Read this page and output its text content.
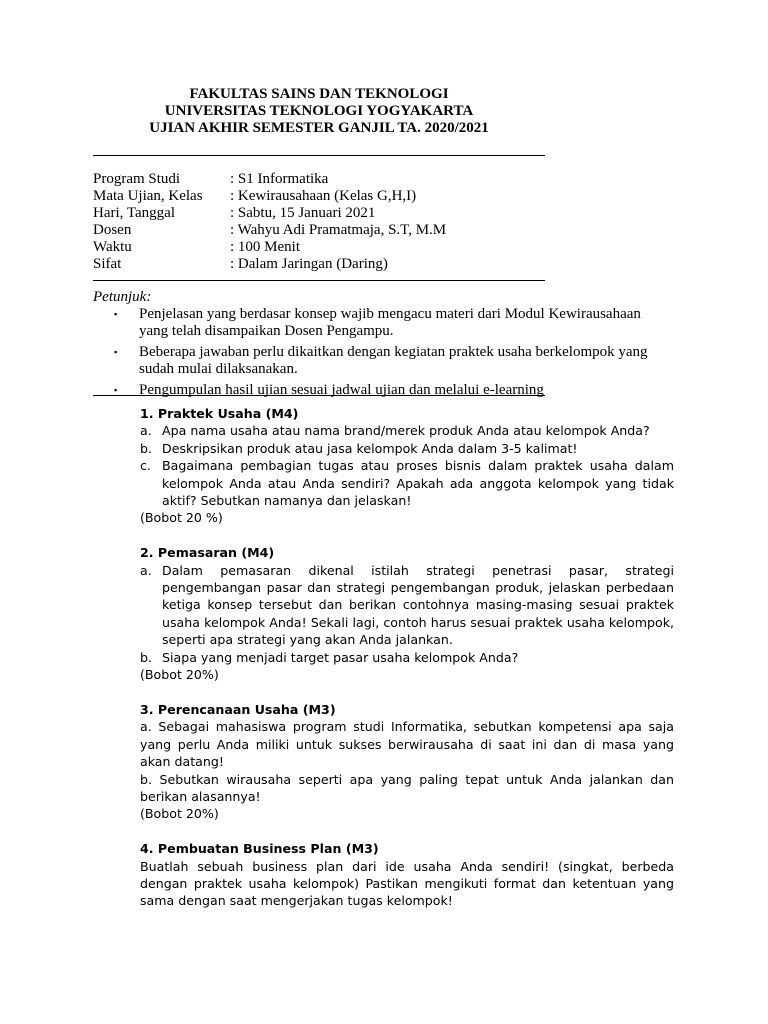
FAKULTAS SAINS DAN TEKNOLOGI
UNIVERSITAS TEKNOLOGI YOGYAKARTA
UJIAN AKHIR SEMESTER GANJIL TA. 2020/2021
Program Studi	: S1 Informatika
Mata Ujian, Kelas	: Kewirausahaan (Kelas G,H,I)
Hari, Tanggal	: Sabtu, 15 Januari 2021
Dosen	: Wahyu Adi Pramatmaja, S.T, M.M
Waktu	: 100 Menit
Sifat	: Dalam Jaringan (Daring)
Petunjuk:
▪	Penjelasan yang berdasar konsep wajib mengacu materi dari Modul Kewirausahaan yang telah disampaikan Dosen Pengampu.
▪	Beberapa jawaban perlu dikaitkan dengan kegiatan praktek usaha berkelompok yang sudah mulai dilaksanakan.
▪	Pengumpulan hasil ujian sesuai jadwal ujian dan melalui e-learning
1. Praktek Usaha (M4)
a. Apa nama usaha atau nama brand/merek produk Anda atau kelompok Anda?
b. Deskripsikan produk atau jasa kelompok Anda dalam 3-5 kalimat!
c. Bagaimana pembagian tugas atau proses bisnis dalam praktek usaha dalam kelompok Anda atau Anda sendiri? Apakah ada anggota kelompok yang tidak aktif? Sebutkan namanya dan jelaskan!
(Bobot 20 %)
2. Pemasaran (M4)
a. Dalam pemasaran dikenal istilah strategi penetrasi pasar, strategi pengembangan pasar dan strategi pengembangan produk, jelaskan perbedaan ketiga konsep tersebut dan berikan contohnya masing-masing sesuai praktek usaha kelompok Anda! Sekali lagi, contoh harus sesuai praktek usaha kelompok, seperti apa strategi yang akan Anda jalankan.
b. Siapa yang menjadi target pasar usaha kelompok Anda?
(Bobot 20%)
3. Perencanaan Usaha (M3)
a. Sebagai mahasiswa program studi Informatika, sebutkan kompetensi apa saja yang perlu Anda miliki untuk sukses berwirausaha di saat ini dan di masa yang akan datang!
b. Sebutkan wirausaha seperti apa yang paling tepat untuk Anda jalankan dan berikan alasannya!
(Bobot 20%)
4. Pembuatan Business Plan (M3)
Buatlah sebuah business plan dari ide usaha Anda sendiri! (singkat, berbeda dengan praktek usaha kelompok) Pastikan mengikuti format dan ketentuan yang sama dengan saat mengerjakan tugas kelompok!
